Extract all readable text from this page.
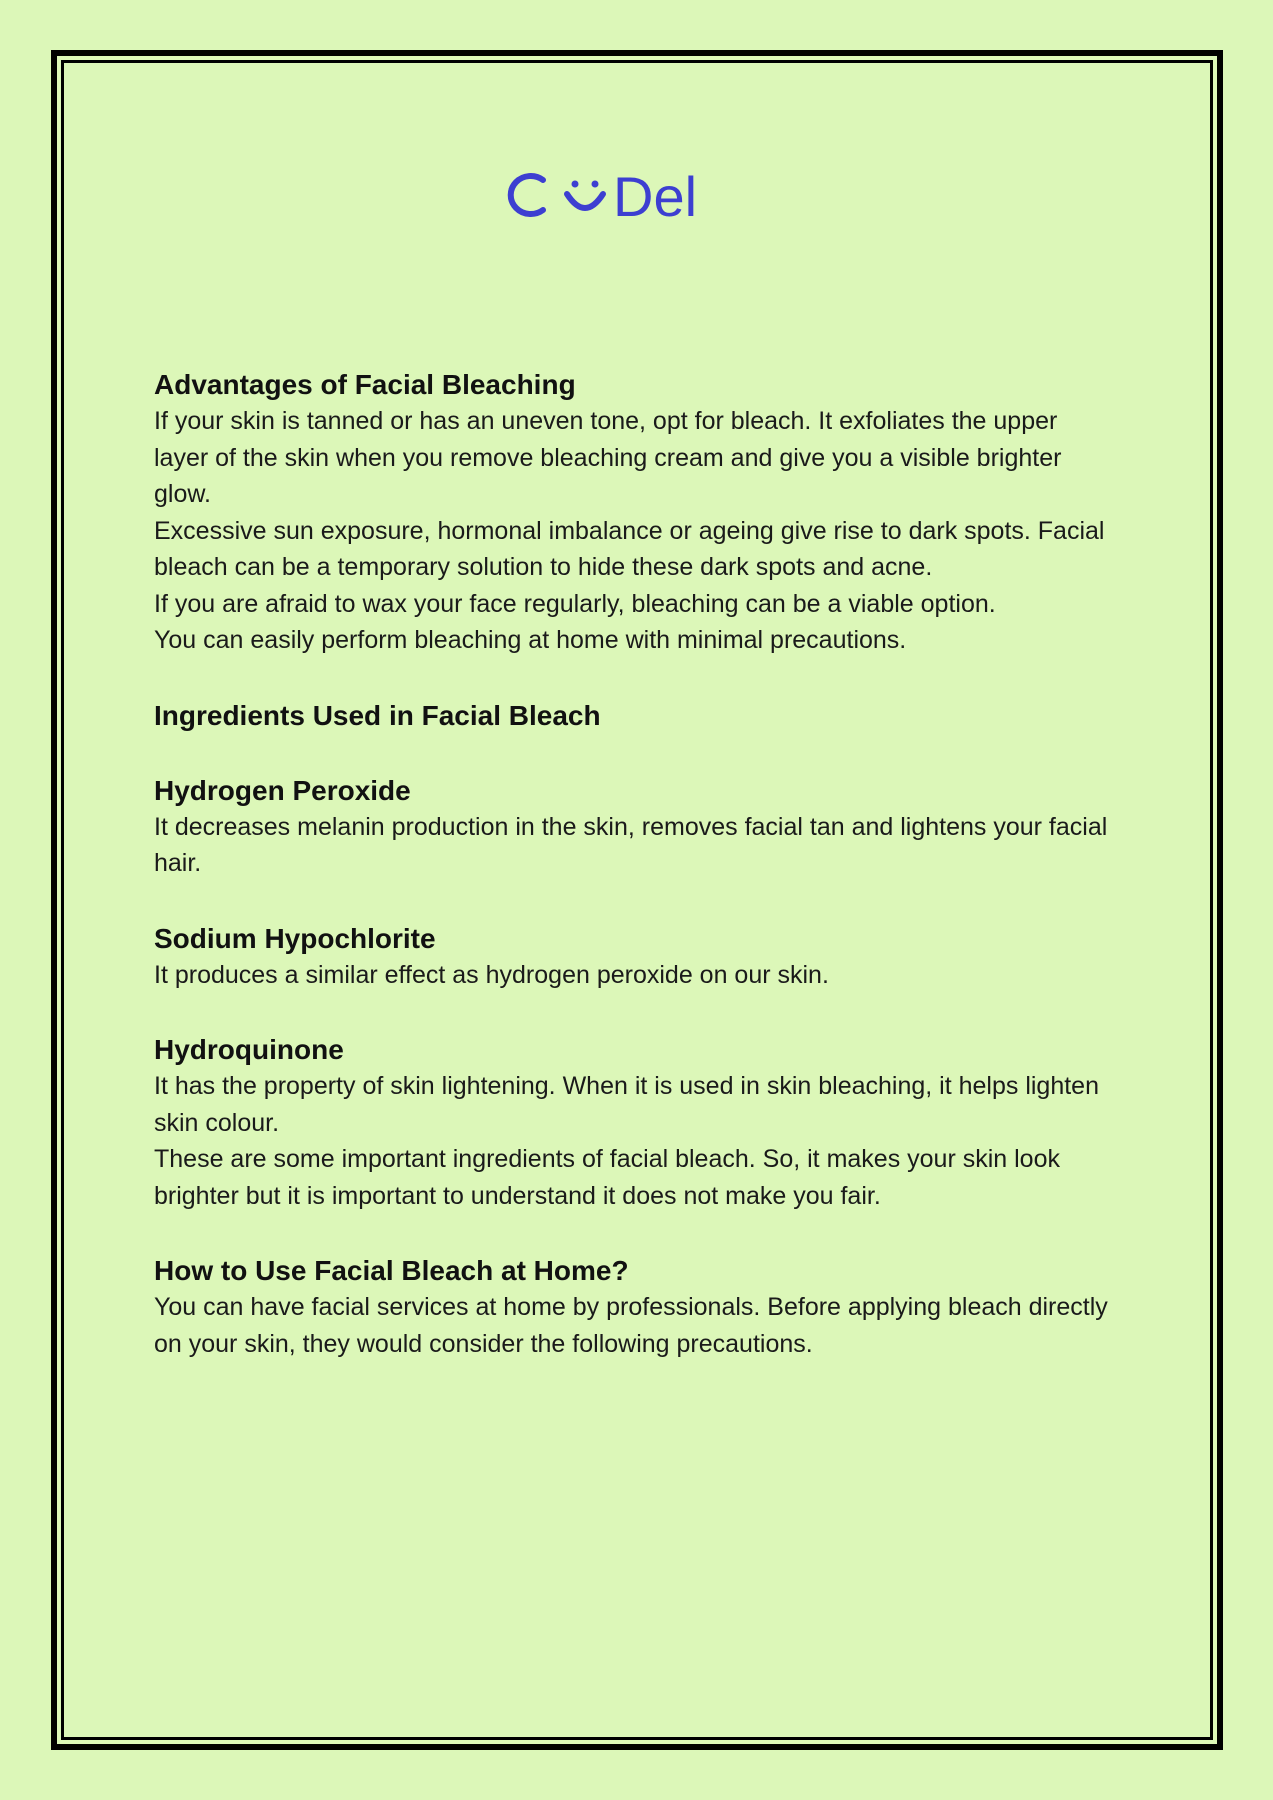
Del
Advantages of Facial Bleaching

If your skin is tanned or has an uneven tone, opt for bleach. It exfoliates the upper layer of the skin when you remove bleaching cream and give you a visible brighter glow.

Excessive sun exposure, hormonal imbalance or ageing give rise to dark spots. Facial bleach can be a temporary solution to hide these dark spots and acne.

If you are afraid to wax your face regularly, bleaching can be a viable option.

You can easily perform bleaching at home with minimal precautions.

Ingredients Used in Facial Bleach
Hydrogen Peroxide

It decreases melanin production in the skin, removes facial tan and lightens your facial hair.

Sodium Hypochlorite

It produces a similar effect as hydrogen peroxide on our skin.

Hydroquinone

It has the property of skin lightening. When it is used in skin bleaching, it helps lighten skin colour.

These are some important ingredients of facial bleach. So, it makes your skin look brighter but it is important to understand it does not make you fair.

How to Use Facial Bleach at Home?

You can have facial services at home by professionals. Before applying bleach directly on your skin, they would consider the following precautions.
